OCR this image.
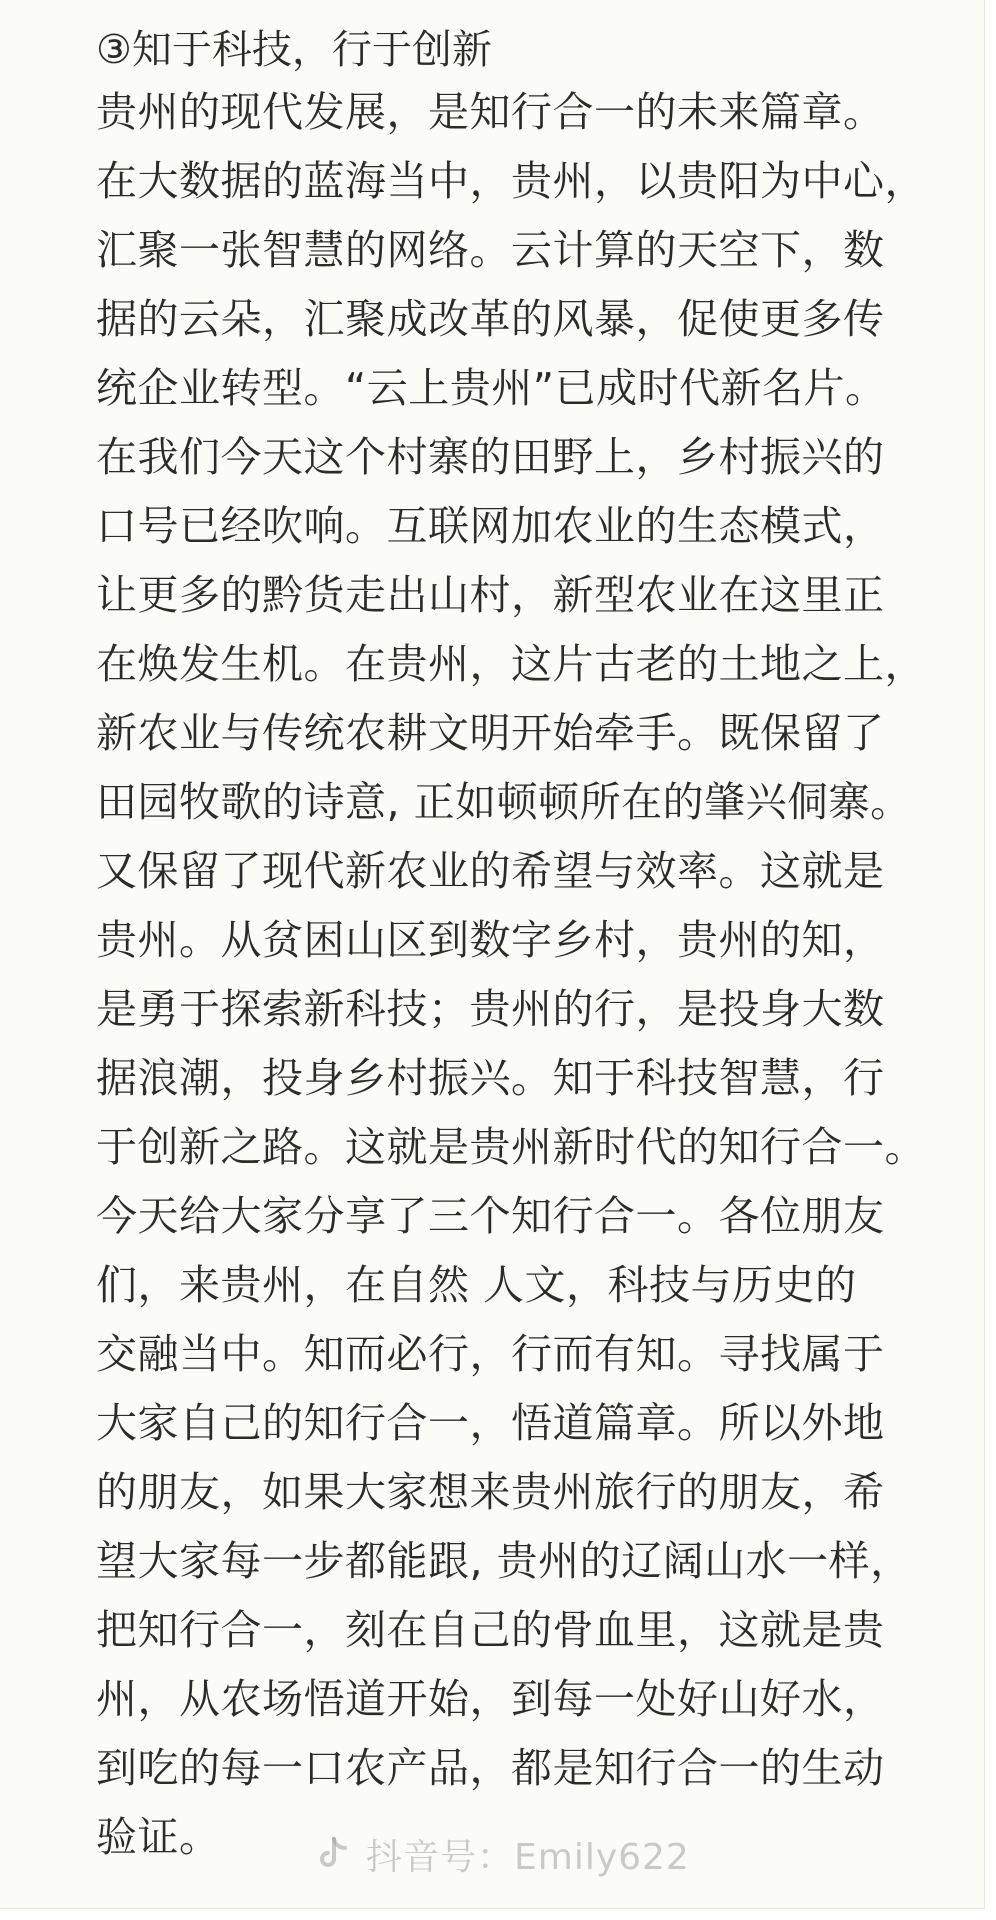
③知于科技，行于创新
贵州的现代发展，是知行合一的未来篇章。
在大数据的蓝海当中，贵州，以贵阳为中心，
汇聚一张智慧的网络。云计算的天空下，数
据的云朵，汇聚成改革的风暴，促使更多传
统企业转型。“云上贵州”已成时代新名片。
在我们今天这个村寨的田野上，乡村振兴的
口号已经吹响。互联网加农业的生态模式，
让更多的黔货走出山村，新型农业在这里正
在焕发生机。在贵州，这片古老的土地之上，
新农业与传统农耕文明开始牵手。既保留了
田园牧歌的诗意, 正如顿顿所在的肇兴侗寨。
又保留了现代新农业的希望与效率。这就是
贵州。从贫困山区到数字乡村，贵州的知，
是勇于探索新科技；贵州的行，是投身大数
据浪潮，投身乡村振兴。知于科技智慧，行
于创新之路。这就是贵州新时代的知行合一。
今天给大家分享了三个知行合一。各位朋友
们，来贵州，在自然 人文，科技与历史的
交融当中。知而必行，行而有知。寻找属于
大家自己的知行合一，悟道篇章。所以外地
的朋友，如果大家想来贵州旅行的朋友，希
望大家每一步都能跟, 贵州的辽阔山水一样，
把知行合一，刻在自己的骨血里，这就是贵
州，从农场悟道开始，到每一处好山好水，
到吃的每一口农产品，都是知行合一的生动
验证。	抖音号：Emily622
